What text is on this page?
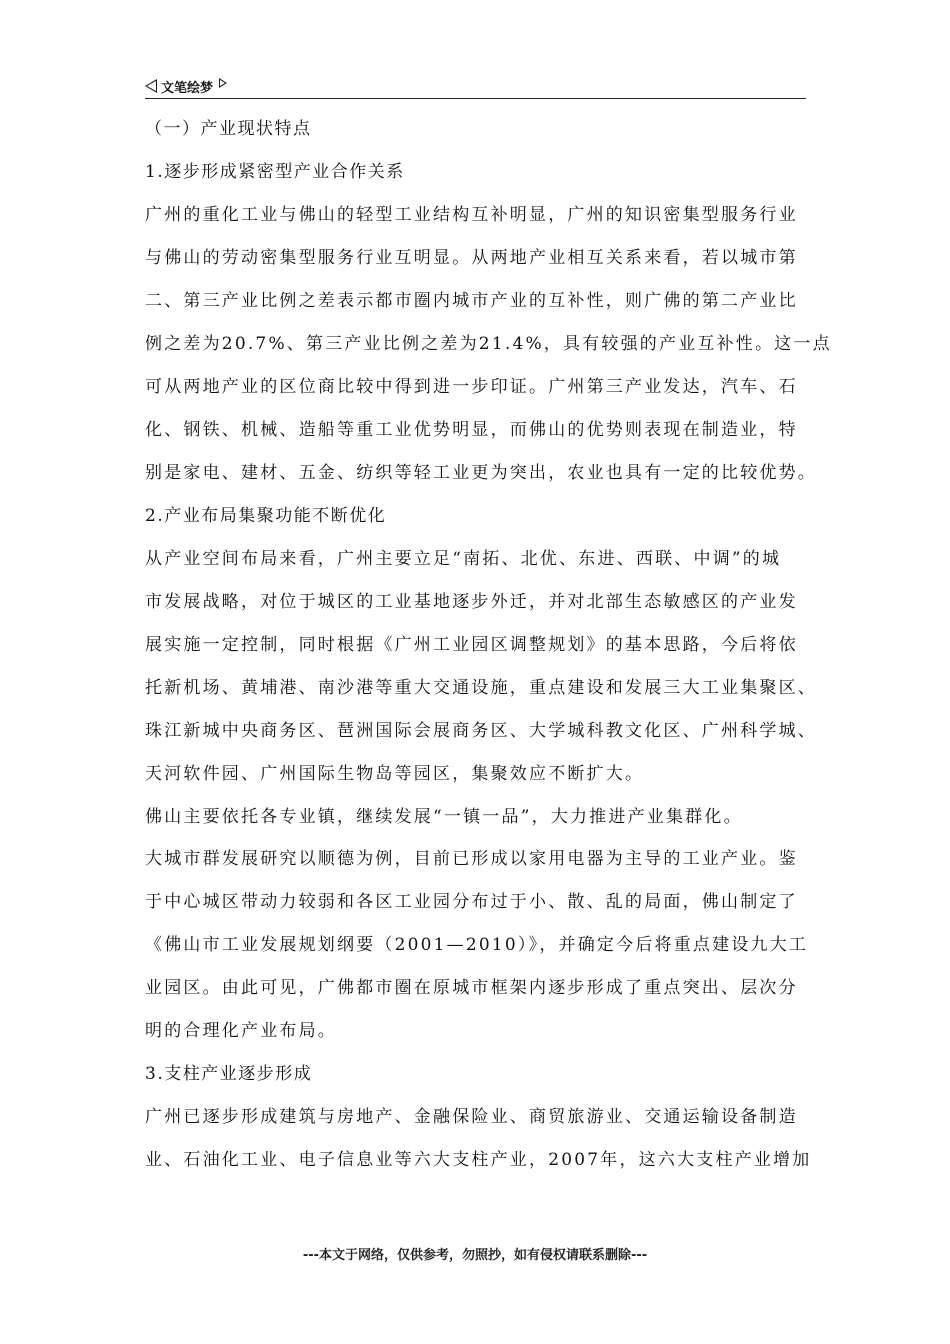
文笔绘梦
（一）产业现状特点
1.逐步形成紧密型产业合作关系
广州的重化工业与佛山的轻型工业结构互补明显，广州的知识密集型服务行业
与佛山的劳动密集型服务行业互明显。从两地产业相互关系来看，若以城市第
二、第三产业比例之差表示都市圈内城市产业的互补性，则广佛的第二产业比
例之差为20.7%、第三产业比例之差为21.4%，具有较强的产业互补性。这一点
可从两地产业的区位商比较中得到进一步印证。广州第三产业发达，汽车、石
化、钢铁、机械、造船等重工业优势明显，而佛山的优势则表现在制造业，特
别是家电、建材、五金、纺织等轻工业更为突出，农业也具有一定的比较优势。
2.产业布局集聚功能不断优化
从产业空间布局来看，广州主要立足“南拓、北优、东进、西联、中调”的城
市发展战略，对位于城区的工业基地逐步外迁，并对北部生态敏感区的产业发
展实施一定控制，同时根据《广州工业园区调整规划》的基本思路，今后将依
托新机场、黄埔港、南沙港等重大交通设施，重点建设和发展三大工业集聚区、
珠江新城中央商务区、琶洲国际会展商务区、大学城科教文化区、广州科学城、
天河软件园、广州国际生物岛等园区，集聚效应不断扩大。
佛山主要依托各专业镇，继续发展“一镇一品”，大力推进产业集群化。
大城市群发展研究以顺德为例，目前已形成以家用电器为主导的工业产业。鉴
于中心城区带动力较弱和各区工业园分布过于小、散、乱的局面，佛山制定了
《佛山市工业发展规划纲要（2001—2010）》，并确定今后将重点建设九大工
业园区。由此可见，广佛都市圈在原城市框架内逐步形成了重点突出、层次分
明的合理化产业布局。
3.支柱产业逐步形成
广州已逐步形成建筑与房地产、金融保险业、商贸旅游业、交通运输设备制造
业、石油化工业、电子信息业等六大支柱产业，2007年，这六大支柱产业增加
---本文于网络，仅供参考，勿照抄，如有侵权请联系删除---
